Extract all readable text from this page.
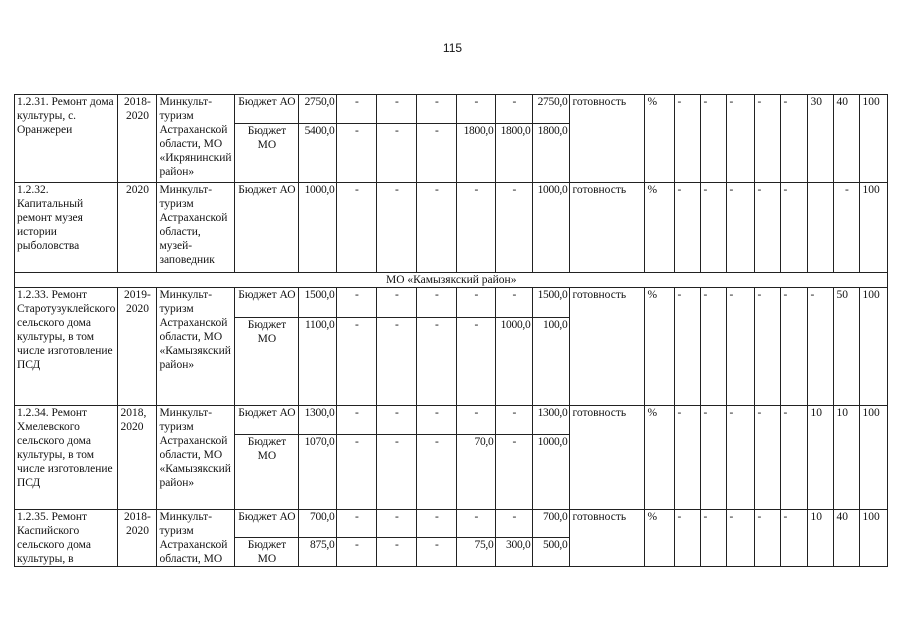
115
1.2.31. Ремонт дома культуры, с. Оранжереи	2018-2020	Минкульт-туризм Астраханской области, МО «Икрянинский район»	Бюджет АО	2750,0	-	-	-	-	-	2750,0	готовность	%	-	-	-	-	-	30	40	100
			Бюджет МО	5400,0	-	-	-	1800,0	1800,0	1800,0										
1.2.32. Капитальный ремонт музея истории рыболовства	2020	Минкульт-туризм Астраханской области, музей-заповедник	Бюджет АО	1000,0	-	-	-	-	-	1000,0	готовность	%	-	-	-	-	-		-	100
МО «Камызякский район»																				
1.2.33. Ремонт Старотузуклейского сельского дома культуры, в том числе изготовление ПСД	2019-2020	Минкульт-туризм Астраханской области, МО «Камызякский район»	Бюджет АО	1500,0	-	-	-	-	-	1500,0	готовность	%	-	-	-	-	-	-	50	100
			Бюджет МО	1100,0	-	-	-	-	1000,0	100,0										
1.2.34. Ремонт Хмелевского сельского дома культуры, в том числе изготовление ПСД	2018, 2020	Минкульт-туризм Астраханской области, МО «Камызякский район»	Бюджет АО	1300,0	-	-	-	-	-	1300,0	готовность	%	-	-	-	-	-	10	10	100
			Бюджет МО	1070,0	-	-	-	70,0	-	1000,0										
1.2.35. Ремонт Каспийского сельского дома культуры, в	2018-2020	Минкульт-туризм Астраханской области, МО	Бюджет АО	700,0	-	-	-	-	-	700,0	готовность	%	-	-	-	-	-	10	40	100
			Бюджет МО	875,0	-	-	-	75,0	300,0	500,0										
